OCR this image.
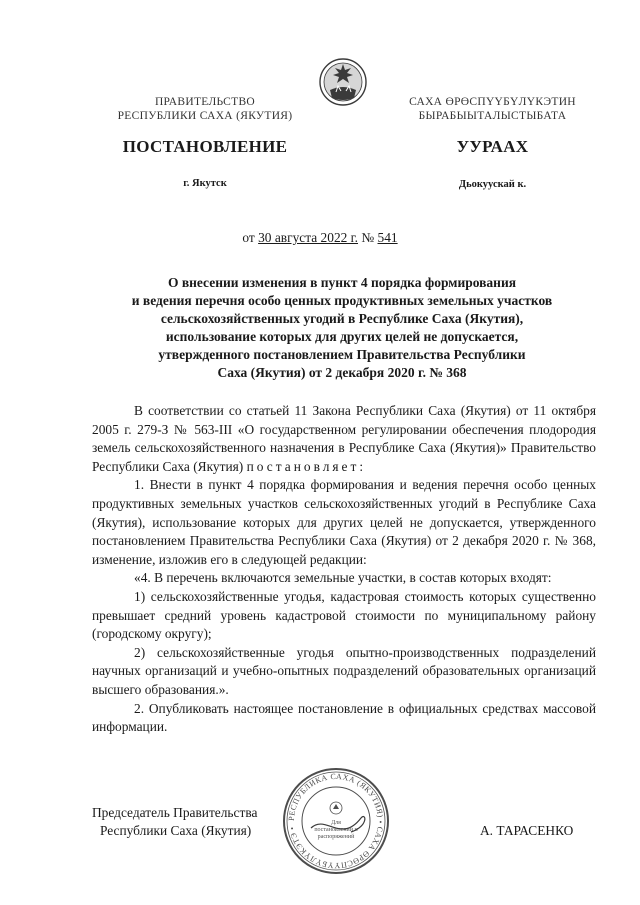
ПРАВИТЕЛЬСТВО
РЕСПУБЛИКИ САХА (ЯКУТИЯ)
САХА ӨРӨСПҮҮБҮЛҮКЭТИН
БЫРАБЫЫТАЛЫСТЫБАТА
ПОСТАНОВЛЕНИЕ	УУРААХ
г. Якутск	Дьокуускай к.
от 30 августа 2022 г. № 541
О внесении изменения в пункт 4 порядка формирования
и ведения перечня особо ценных продуктивных земельных участков
сельскохозяйственных угодий в Республике Саха (Якутия),
использование которых для других целей не допускается,
утвержденного постановлением Правительства Республики
Саха (Якутия) от 2 декабря 2020 г. № 368

В соответствии со статьей 11 Закона Республики Саха (Якутия) от 11 октября 2005 г. 279-З № 563-III «О государственном регулировании обеспечения плодородия земель сельскохозяйственного назначения в Республике Саха (Якутия)» Правительство Республики Саха (Якутия) постановляет:

1. Внести в пункт 4 порядка формирования и ведения перечня особо ценных продуктивных земельных участков сельскохозяйственных угодий в Республике Саха (Якутия), использование которых для других целей не допускается, утвержденного постановлением Правительства Республики Саха (Якутия) от 2 декабря 2020 г. № 368, изменение, изложив его в следующей редакции:

«4. В перечень включаются земельные участки, в состав которых входят:

1) сельскохозяйственные угодья, кадастровая стоимость которых существенно превышает средний уровень кадастровой стоимости по муниципальному району (городскому округу);

2) сельскохозяйственные угодья опытно-производственных подразделений научных организаций и учебно-опытных подразделений образовательных организаций высшего образования.».

2. Опубликовать настоящее постановление в официальных средствах массовой информации.

Председатель Правительства
Республики Саха (Якутия)	А. ТАРАСЕНКО
РЕСПУБЛИКА САХА (ЯКУТИЯ) • САХА ӨРӨСПҮҮБҮЛҮКЭТЭ •
Для
постановлений и
распоряжений
